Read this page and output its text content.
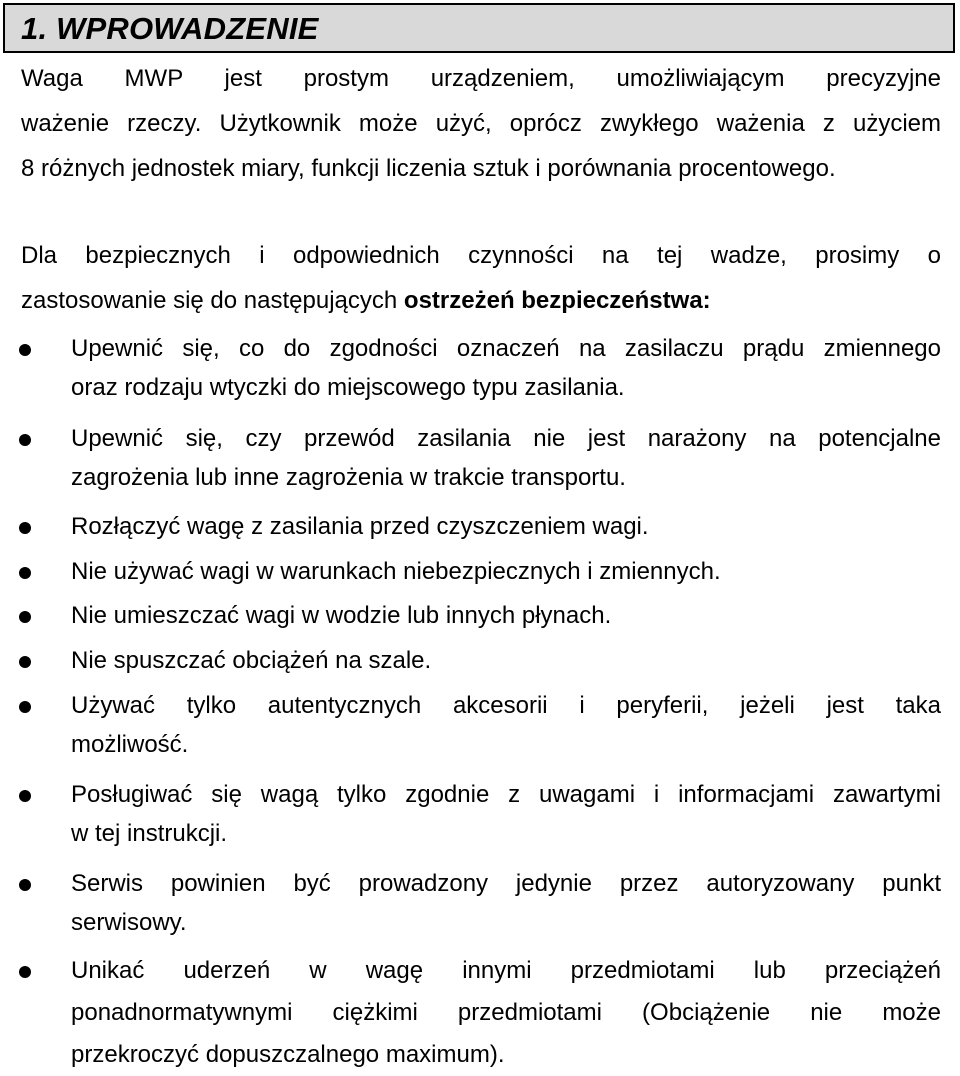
1. WPROWADZENIE
Waga MWP jest prostym urządzeniem, umożliwiającym precyzyjne
ważenie rzeczy. Użytkownik może użyć, oprócz zwykłego ważenia z użyciem
8 różnych jednostek miary, funkcji liczenia sztuk i porównania procentowego.
Dla bezpiecznych i odpowiednich czynności na tej wadze, prosimy o
zastosowanie się do następujących ostrzeżeń bezpieczeństwa:
Upewnić się, co do zgodności oznaczeń na zasilaczu prądu zmiennego
oraz rodzaju wtyczki do miejscowego typu zasilania.
Upewnić się, czy przewód zasilania nie jest narażony na potencjalne
zagrożenia lub inne zagrożenia w trakcie transportu.
Rozłączyć wagę z zasilania przed czyszczeniem wagi.
Nie używać wagi w warunkach niebezpiecznych i zmiennych.
Nie umieszczać wagi w wodzie lub innych płynach.
Nie spuszczać obciążeń na szale.
Używać tylko autentycznych akcesorii i peryferii, jeżeli jest taka
możliwość.
Posługiwać się wagą tylko zgodnie z uwagami i informacjami zawartymi
w tej instrukcji.
Serwis powinien być prowadzony jedynie przez autoryzowany punkt
serwisowy.
Unikać uderzeń w wagę innymi przedmiotami lub przeciążeń
ponadnormatywnymi ciężkimi przedmiotami (Obciążenie nie może
przekroczyć dopuszczalnego maximum).
